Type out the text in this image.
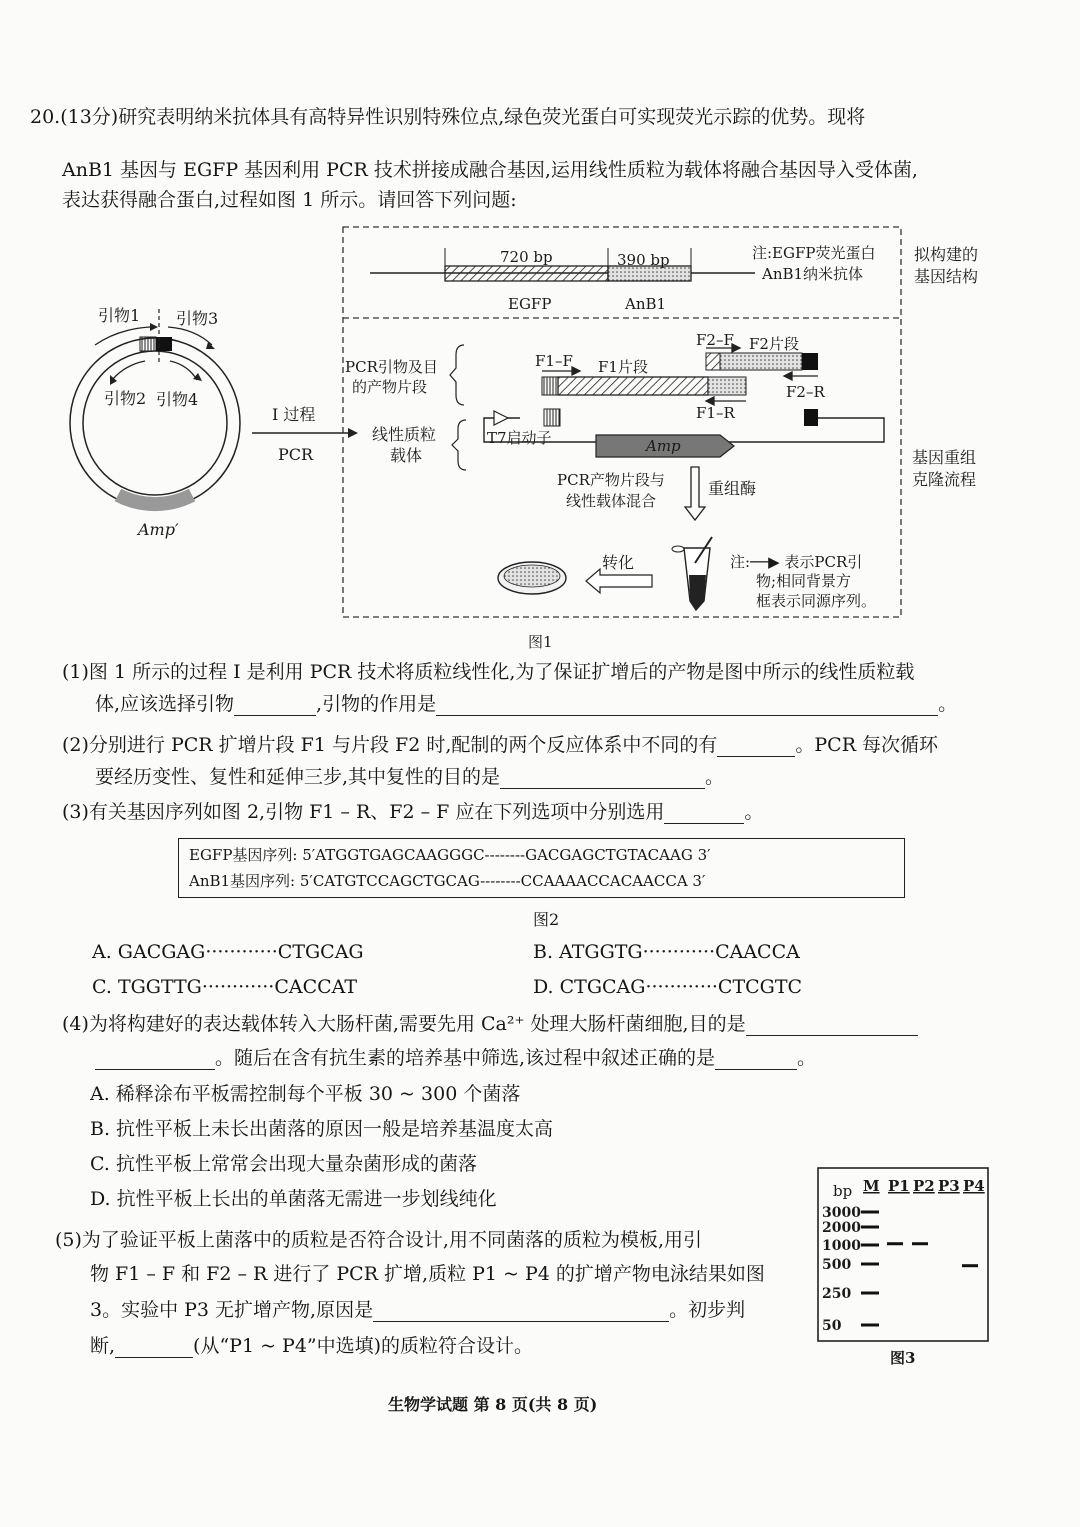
20.(13分)研究表明纳米抗体具有高特异性识别特殊位点,绿色荧光蛋白可实现荧光示踪的优势。现将
AnB1 基因与 EGFP 基因利用 PCR 技术拼接成融合基因,运用线性质粒为载体将融合基因导入受体菌,
表达获得融合蛋白,过程如图 1 所示。请回答下列问题:
720 bp	390 bp
EGFP	AnB1
注:EGFP荧光蛋白
AnB1纳米抗体
拟构建的
基因结构
引物1 引物3
引物2 引物4
Amp′
I 过程
PCR
PCR引物及目
的产物片段
线性质粒
载体
F1–F F1片段
F2–F F2片段
F2–R
F1–R
T7启动子	Amp
PCR产物片段与
线性载体混合
重组酶
转化	注:──▶ 表示PCR引
物;相同背景方
框表示同源序列。
基因重组
克隆流程
图1
(1)图 1 所示的过程 I 是利用 PCR 技术将质粒线性化,为了保证扩增后的产物是图中所示的线性质粒载
体,应该选择引物	,引物的作用是	。
(2)分别进行 PCR 扩增片段 F1 与片段 F2 时,配制的两个反应体系中不同的有	。PCR 每次循环
要经历变性、复性和延伸三步,其中复性的目的是	。
(3)有关基因序列如图 2,引物 F1 – R、F2 – F 应在下列选项中分别选用	。
EGFP基因序列: 5′ATGGTGAGCAAGGGC--------GACGAGCTGTACAAG 3′
AnB1基因序列: 5′CATGTCCAGCTGCAG--------CCAAAACCACAACCA 3′
图2
A. GACGAG············CTGCAG	B. ATGGTG············CAACCA
C. TGGTTG············CACCAT	D. CTGCAG············CTCGTC
(4)为将构建好的表达载体转入大肠杆菌,需要先用 Ca²⁺ 处理大肠杆菌细胞,目的是
。随后在含有抗生素的培养基中筛选,该过程中叙述正确的是	。
A. 稀释涂布平板需控制每个平板 30 ~ 300 个菌落
B. 抗性平板上未长出菌落的原因一般是培养基温度太高
C. 抗性平板上常常会出现大量杂菌形成的菌落
D. 抗性平板上长出的单菌落无需进一步划线纯化
(5)为了验证平板上菌落中的质粒是否符合设计,用不同菌落的质粒为模板,用引
物 F1 – F 和 F2 – R 进行了 PCR 扩增,质粒 P1 ~ P4 的扩增产物电泳结果如图
3。实验中 P3 无扩增产物,原因是	。初步判
断,	(从“P1 ~ P4”中选填)的质粒符合设计。
bp M P1 P2 P3 P4
3000
2000
1000
500
250
50
图3
生物学试题 第 8 页(共 8 页)
